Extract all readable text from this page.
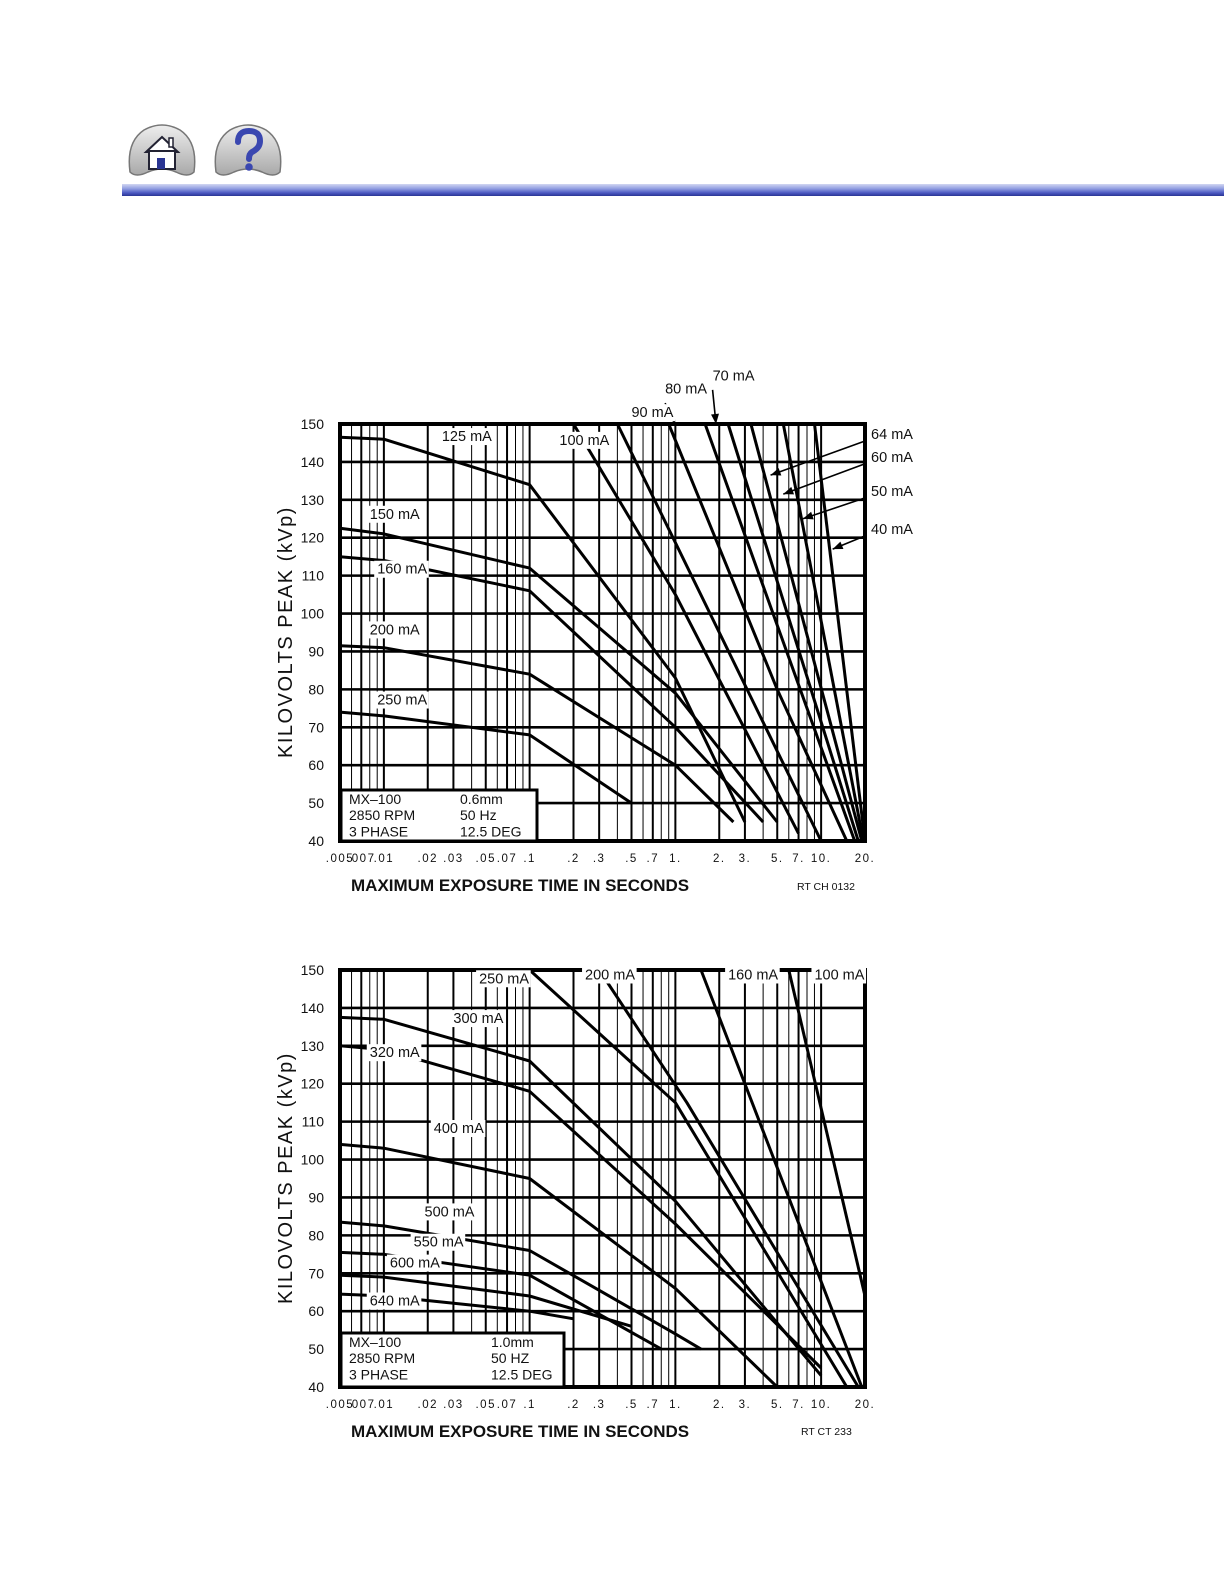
MX–100	0.6mm
2850 RPM	50 Hz
3 PHASE	12.5 DEG
125 mA	100 mA
90 mA
80 mA
70 mA
64 mA
60 mA
50 mA
40 mA
150 mA
160 mA
200 mA
250 mA
40
50
60
70
80
90
100
110
120
130
140
150
.005
.007
.01 .02 .03 .05 .07 .1	.2 .3 .5 .7 1.	2. 3. 5. 7. 10. 20.
KILOVOLTS PEAK (kVp)
MAXIMUM EXPOSURE TIME IN SECONDS	RT CH 0132
MX–100	1.0mm
2850 RPM	50 HZ
3 PHASE	12.5 DEG
250 mA	200 mA	160 mA	100 mA
300 mA
320 mA
400 mA
500 mA
550 mA
600 mA
640 mA
40
50
60
70
80
90
100
110
120
130
140
150
.005
.007
.01 .02 .03 .05 .07 .1	.2 .3 .5 .7 1.	2. 3. 5. 7. 10. 20.
KILOVOLTS PEAK (kVp)
MAXIMUM EXPOSURE TIME IN SECONDS	RT CT 233
